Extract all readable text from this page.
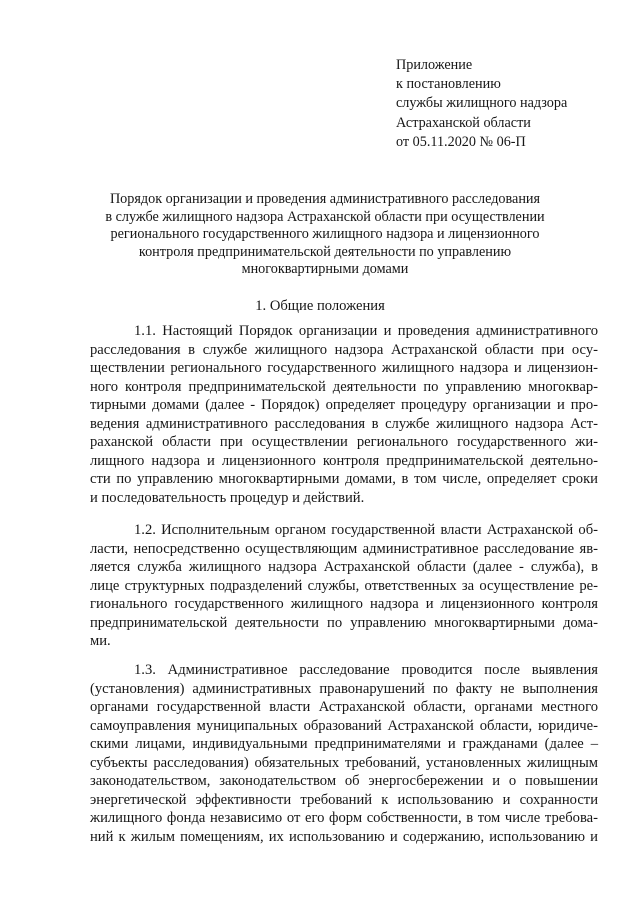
Приложение
к постановлению
службы жилищного надзора
Астраханской области
от 05.11.2020 № 06-П
Порядок организации и проведения административного расследования
в службе жилищного надзора Астраханской области при осуществлении
регионального государственного жилищного надзора и лицензионного
контроля предпринимательской деятельности по управлению
многоквартирными домами
1. Общие положения
1.1. Настоящий Порядок организации и проведения административного
расследования в службе жилищного надзора Астраханской области при осу-
ществлении регионального государственного жилищного надзора и лицензион-
ного контроля предпринимательской деятельности по управлению многоквар-
тирными домами (далее - Порядок) определяет процедуру организации и про-
ведения административного расследования в службе жилищного надзора Аст-
раханской области при осуществлении регионального государственного жи-
лищного надзора и лицензионного контроля предпринимательской деятельно-
сти по управлению многоквартирными домами, в том числе, определяет сроки
и последовательность процедур и действий.
1.2. Исполнительным органом государственной власти Астраханской об-
ласти, непосредственно осуществляющим административное расследование яв-
ляется служба жилищного надзора Астраханской области (далее - служба), в
лице структурных подразделений службы, ответственных за осуществление ре-
гионального государственного жилищного надзора и лицензионного контроля
предпринимательской деятельности по управлению многоквартирными дома-
ми.
1.3. Административное расследование проводится после выявления
(установления) административных правонарушений по факту не выполнения
органами государственной власти Астраханской области, органами местного
самоуправления муниципальных образований Астраханской области, юридиче-
скими лицами, индивидуальными предпринимателями и гражданами (далее –
субъекты расследования) обязательных требований, установленных жилищным
законодательством, законодательством об энергосбережении и о повышении
энергетической эффективности требований к использованию и сохранности
жилищного фонда независимо от его форм собственности, в том числе требова-
ний к жилым помещениям, их использованию и содержанию, использованию и
